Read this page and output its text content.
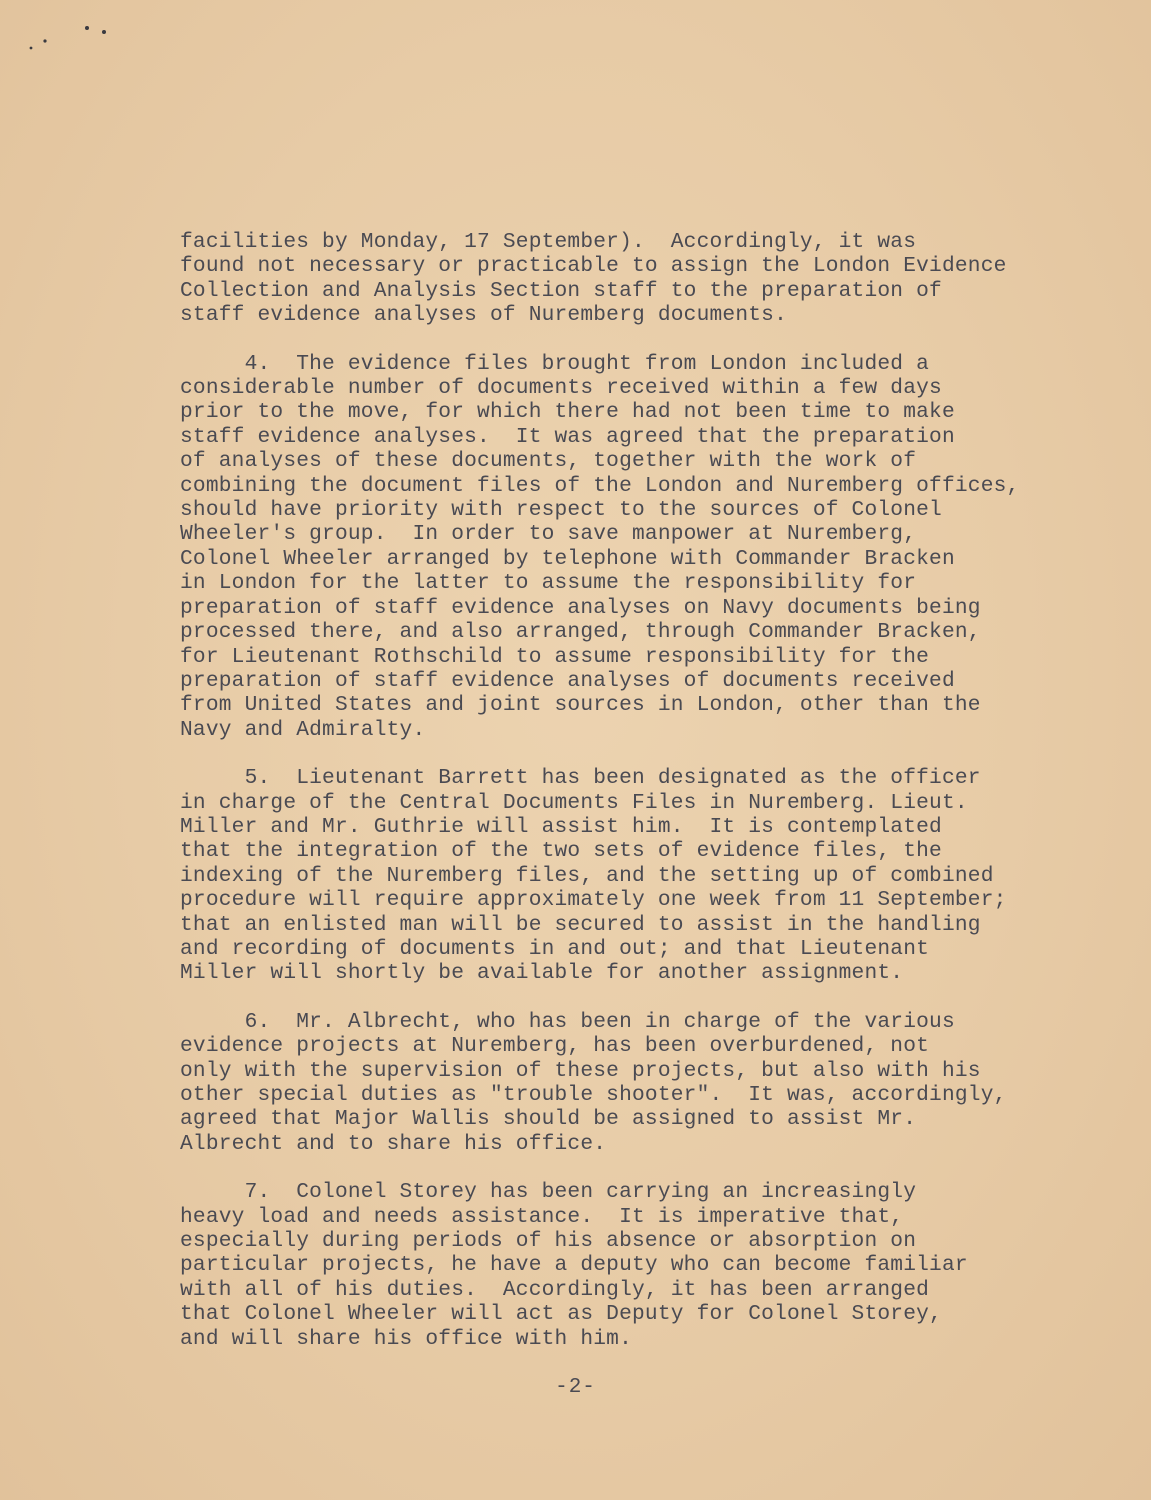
facilities by Monday, 17 September).  Accordingly, it was
found not necessary or practicable to assign the London Evidence
Collection and Analysis Section staff to the preparation of
staff evidence analyses of Nuremberg documents.

4.  The evidence files brought from London included a
considerable number of documents received within a few days
prior to the move, for which there had not been time to make
staff evidence analyses.  It was agreed that the preparation
of analyses of these documents, together with the work of
combining the document files of the London and Nuremberg offices,
should have priority with respect to the sources of Colonel
Wheeler's group.  In order to save manpower at Nuremberg,
Colonel Wheeler arranged by telephone with Commander Bracken
in London for the latter to assume the responsibility for
preparation of staff evidence analyses on Navy documents being
processed there, and also arranged, through Commander Bracken,
for Lieutenant Rothschild to assume responsibility for the
preparation of staff evidence analyses of documents received
from United States and joint sources in London, other than the
Navy and Admiralty.

5.  Lieutenant Barrett has been designated as the officer
in charge of the Central Documents Files in Nuremberg. Lieut.
Miller and Mr. Guthrie will assist him.  It is contemplated
that the integration of the two sets of evidence files, the
indexing of the Nuremberg files, and the setting up of combined
procedure will require approximately one week from 11 September;
that an enlisted man will be secured to assist in the handling
and recording of documents in and out; and that Lieutenant
Miller will shortly be available for another assignment.

6.  Mr. Albrecht, who has been in charge of the various
evidence projects at Nuremberg, has been overburdened, not
only with the supervision of these projects, but also with his
other special duties as "trouble shooter".  It was, accordingly,
agreed that Major Wallis should be assigned to assist Mr.
Albrecht and to share his office.

7.  Colonel Storey has been carrying an increasingly
heavy load and needs assistance.  It is imperative that,
especially during periods of his absence or absorption on
particular projects, he have a deputy who can become familiar
with all of his duties.  Accordingly, it has been arranged
that Colonel Wheeler will act as Deputy for Colonel Storey,
and will share his office with him.

-2-
